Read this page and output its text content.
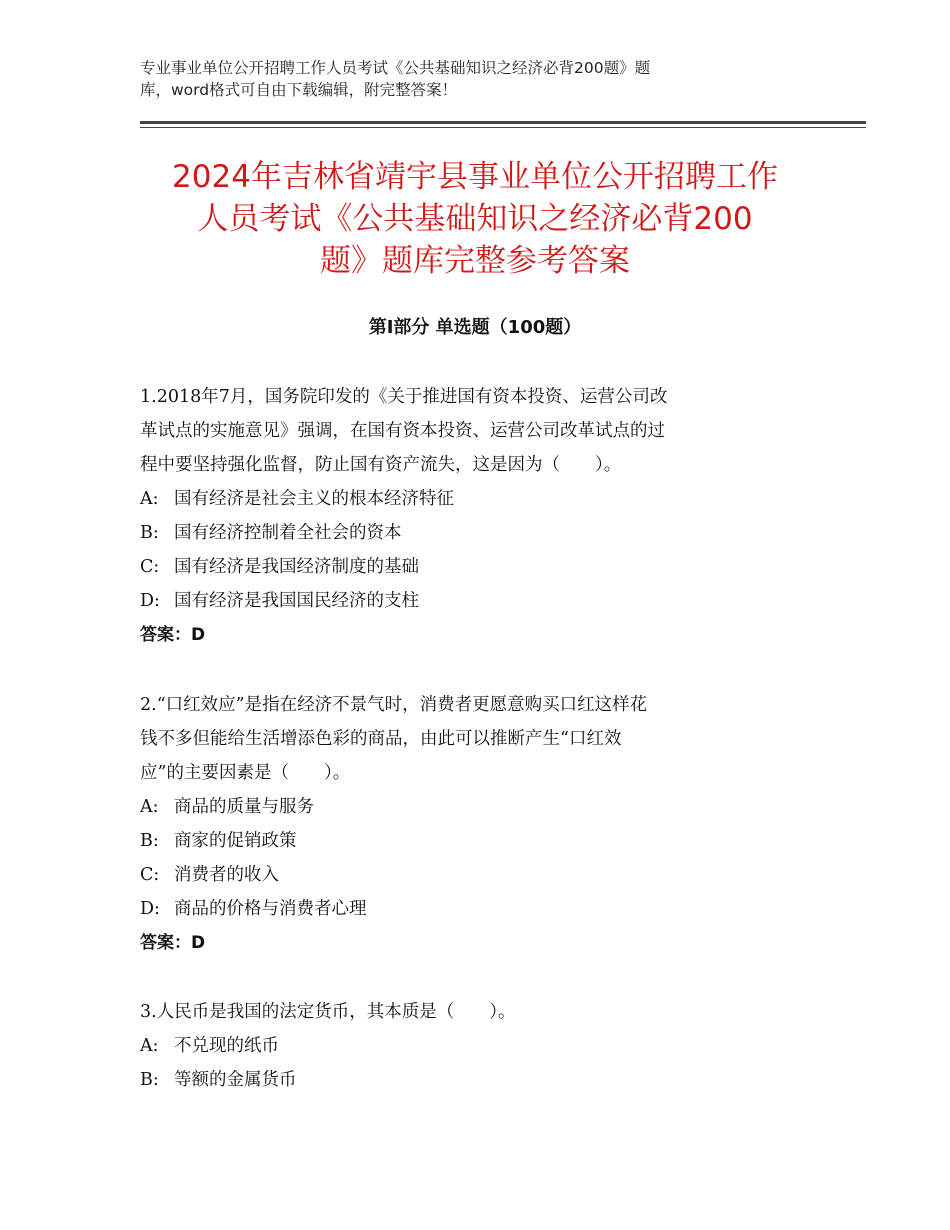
专业事业单位公开招聘工作人员考试《公共基础知识之经济必背200题》题
库，word格式可自由下载编辑，附完整答案！
2024年吉林省靖宇县事业单位公开招聘工作
人员考试《公共基础知识之经济必背200
题》题库完整参考答案
第Ⅰ部分 单选题（100题）
1.2018年7月，国务院印发的《关于推进国有资本投资、运营公司改
革试点的实施意见》强调，在国有资本投资、运营公司改革试点的过
程中要坚持强化监督，防止国有资产流失，这是因为（　　）。
A: 国有经济是社会主义的根本经济特征
B: 国有经济控制着全社会的资本
C: 国有经济是我国经济制度的基础
D: 国有经济是我国国民经济的支柱
答案：D
2.“口红效应”是指在经济不景气时，消费者更愿意购买口红这样花
钱不多但能给生活增添色彩的商品，由此可以推断产生“口红效
应”的主要因素是（　　）。
A: 商品的质量与服务
B: 商家的促销政策
C: 消费者的收入
D: 商品的价格与消费者心理
答案：D
3.人民币是我国的法定货币，其本质是（　　）。
A: 不兑现的纸币
B: 等额的金属货币
